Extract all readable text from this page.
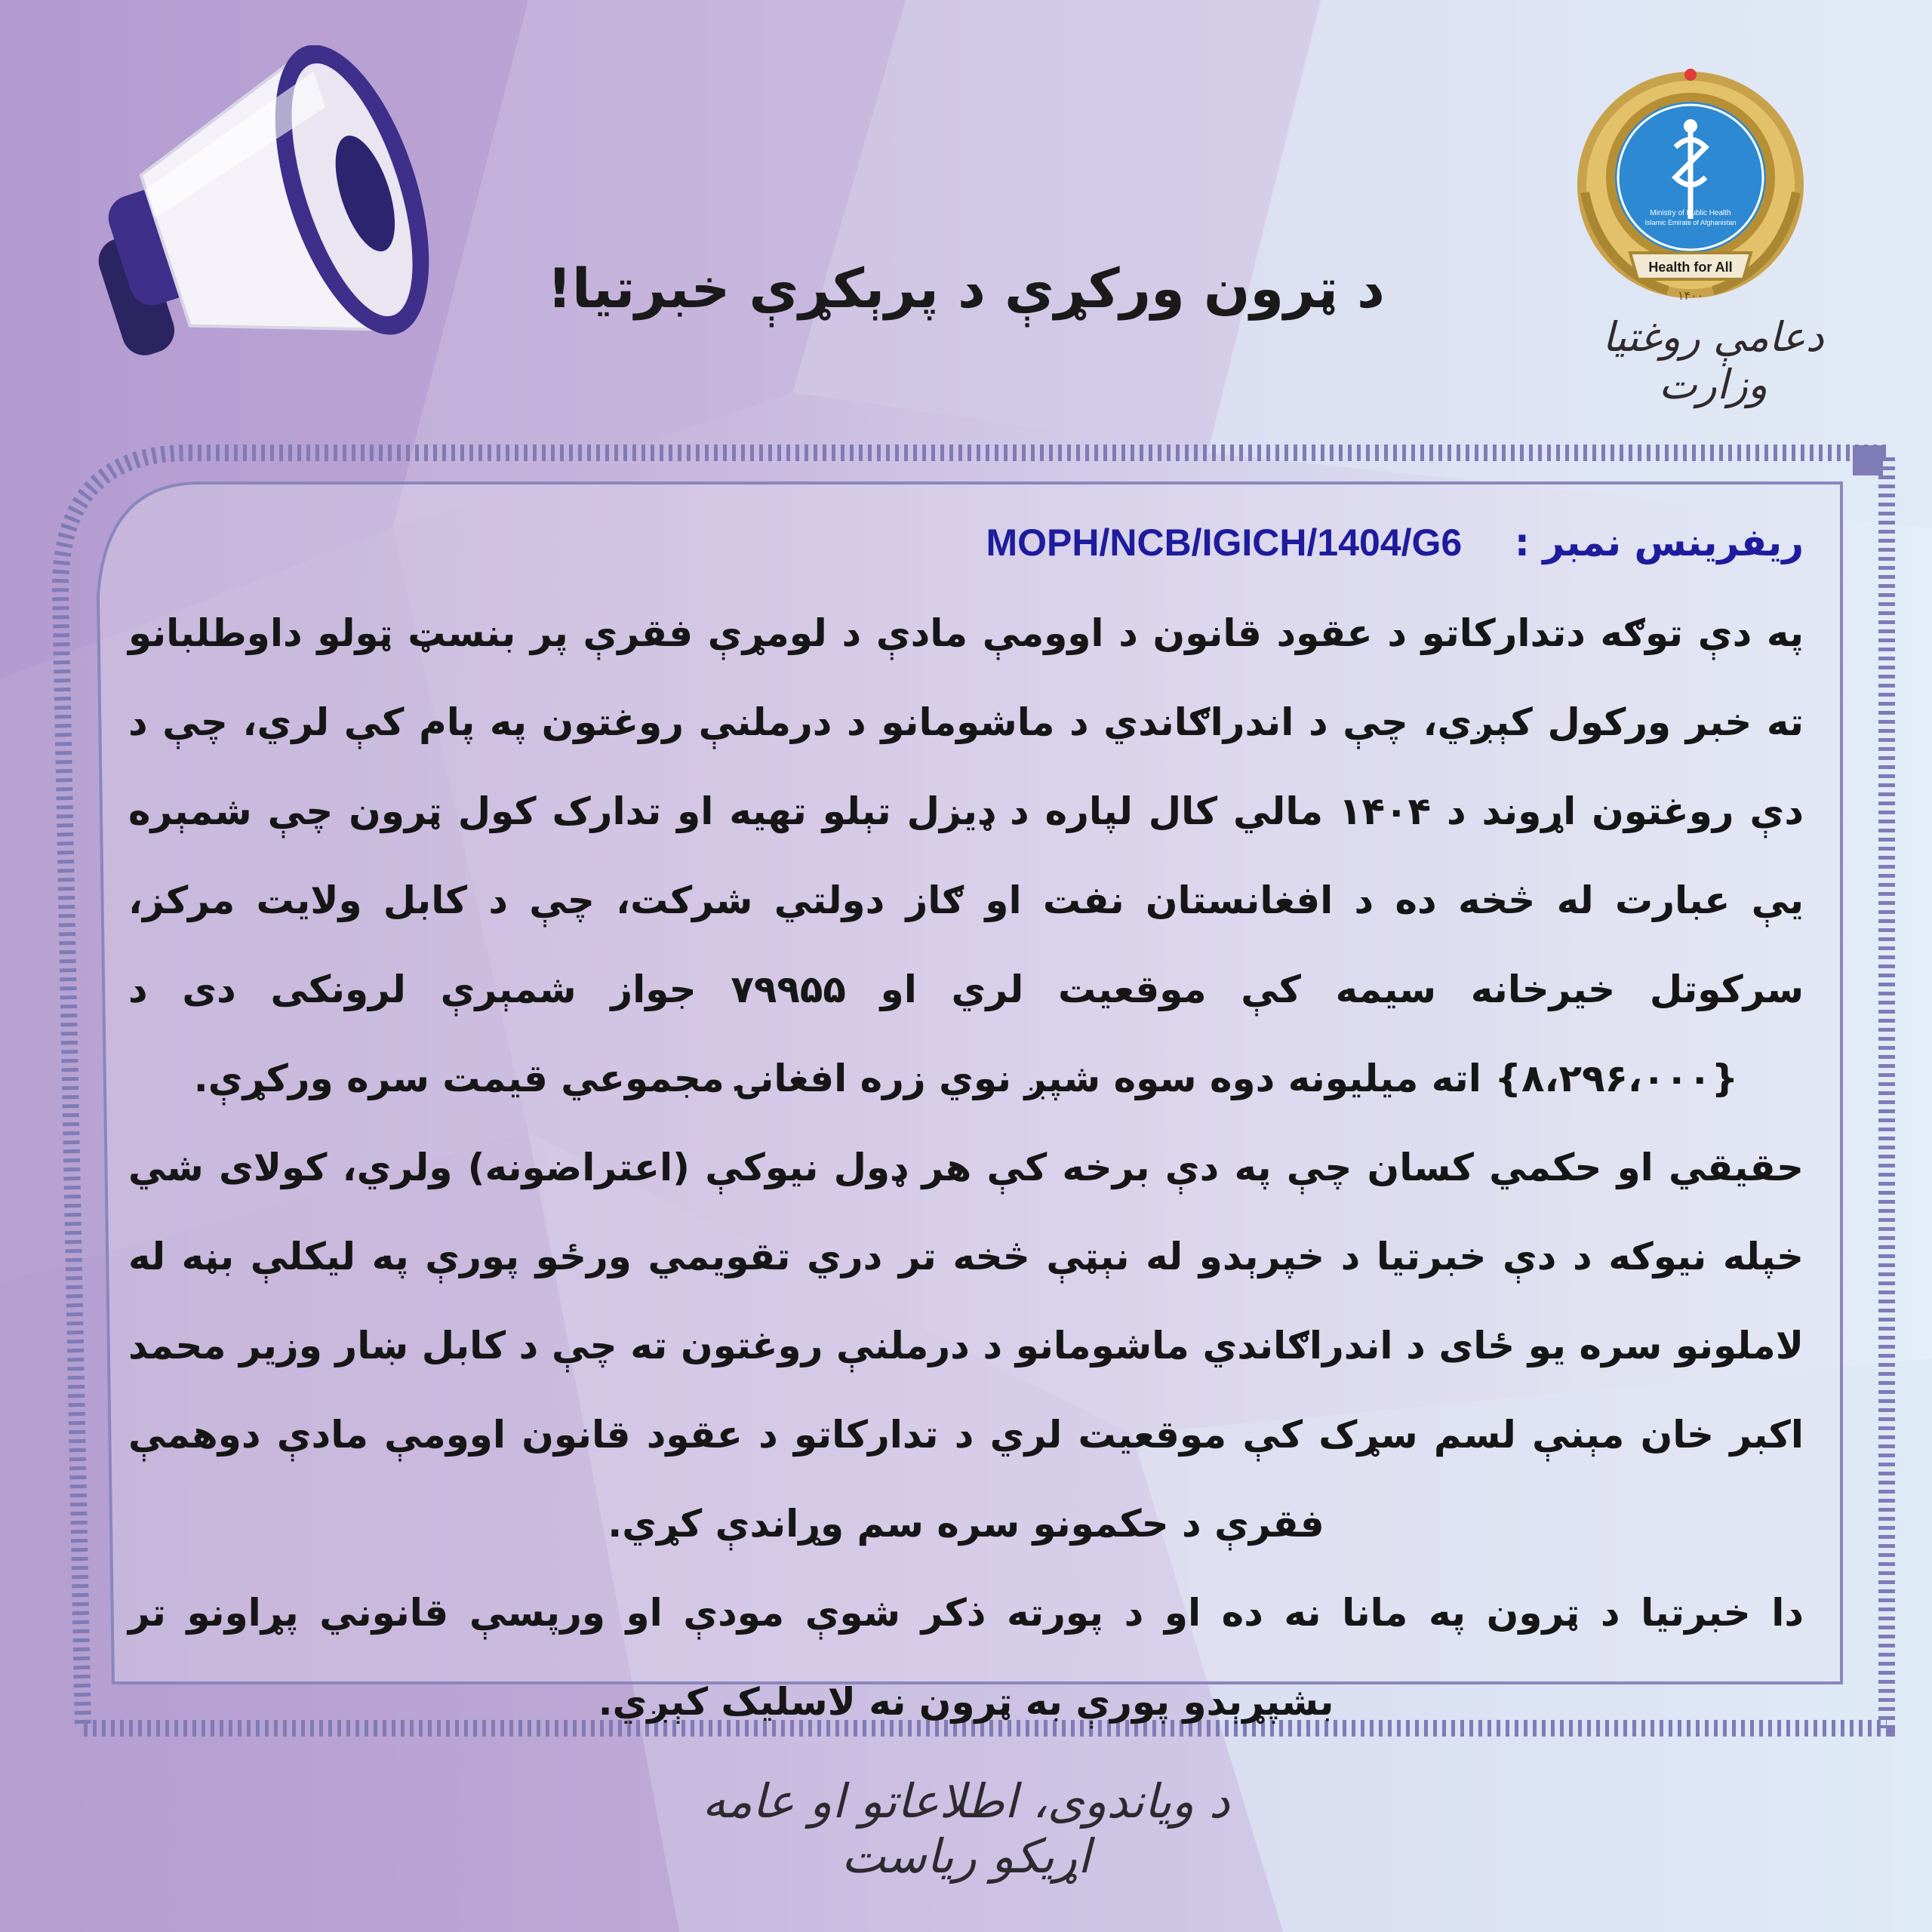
Health for All
۱۴۰۰
Ministry of Public Health
Islamic Emirate of Afghanistan
دعامې روغتیا وزارت
د ټرون ورکړې د پرېکړې خبرتیا!
ریفرینس نمبر :    MOPH/NCB/IGICH/1404/G6

په دې توګه دتدارکاتو د عقود قانون د اوومې مادې د لومړې فقرې پر بنسټ ټولو داوطلبانو ته خبر ورکول کېږي، چې د اندراګاندي د ماشومانو د درملنې روغتون په پام کې لري، چې د دې روغتون اړوند د ۱۴۰۴ مالي کال لپاره د ډیزل تېلو تهیه او تدارک کول ټرون چې شمېره یې عبارت له څخه ده د افغانستان نفت او ګاز دولتي شرکت، چې د کابل ولایت مرکز، سرکوتل خیرخانه سیمه کې موقعیت لري او ۷۹۹۵۵ جواز شمېرې لرونکی دی د {۸،۲۹۶،۰۰۰} اته میلیونه دوه سوه شپږ نوي زره افغانۍ مجموعي قیمت سره ورکړې.

حقیقي او حکمي کسان چې په دې برخه کې هر ډول نیوکې (اعتراضونه) ولري، کولای شي خپله نیوکه د دې خبرتیا د خپرېدو له نېټې څخه تر دري تقویمي ورځو پورې په لیکلې بڼه له لاملونو سره یو ځای د اندراګاندي ماشومانو د درملنې روغتون ته چې د کابل ښار وزیر محمد اکبر خان مېنې لسم سړک کې موقعیت لري د تدارکاتو د عقود قانون اوومې مادې دوهمې فقرې د حکمونو سره سم وړاندې کړي.

دا خبرتیا د ټرون په مانا نه ده او د پورته ذکر شوې مودې او ورپسې قانوني پړاونو تر بشپړېدو پورې به ټرون نه لاسلیک کېږي.

د ویاندوی، اطلاعاتو او عامه اړیکو ریاست
